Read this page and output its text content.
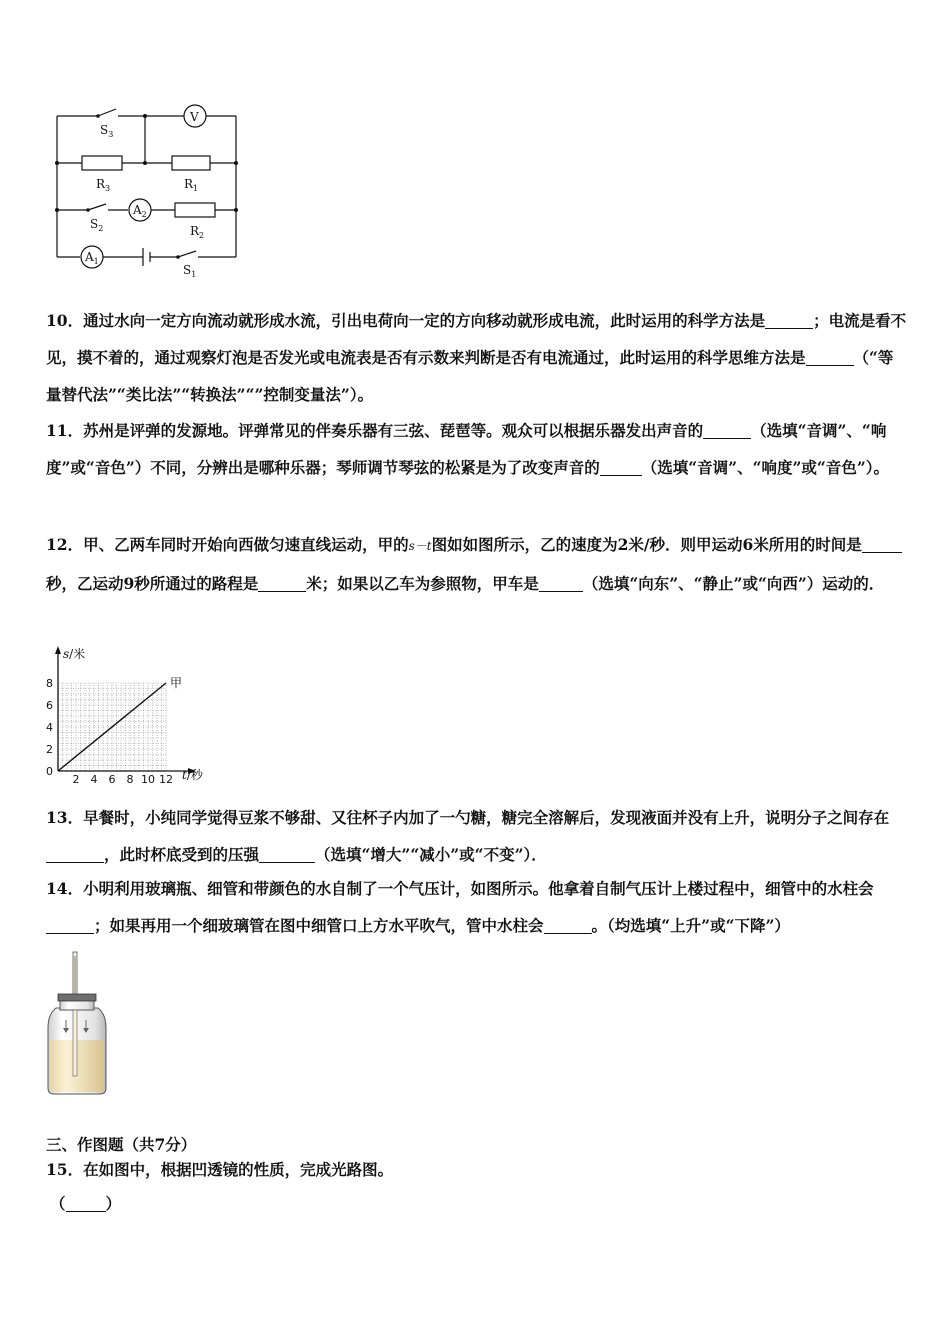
$S_3$
V
$R_3$	$R_1$
$S_2$
$A_2$
$R_2$
$A_1$
$S_1$

10．通过水向一定方向流动就形成水流，引出电荷向一定的方向移动就形成电流，此时运用的科学方法是	；电流是看不见，摸不着的，通过观察灯泡是否发光或电流表是否有示数来判断是否有电流通过，此时运用的科学思维方法是	（“等量替代法”“类比法”“转换法”“”控制变量法”）。

11．苏州是评弹的发源地。评弹常见的伴奏乐器有三弦、琵琶等。观众可以根据乐器发出声音的	（选填“音调”、“响度”或“音色”）不同，分辨出是哪种乐器；琴师调节琴弦的松紧是为了改变声音的	（选填“音调”、“响度”或“音色”）。

12．甲、乙两车同时开始向西做匀速直线运动，甲的s－t图如如图所示，乙的速度为2米/秒．则甲运动6米所用的时间是秒，乙运动9秒所通过的路程是	米；如果以乙车为参照物，甲车是	（选填“向东”、“静止”或“向西”）运动的．

2 4 6 8 10 12
2
4
6
8
0
s/米
t/秒
甲

13．早餐时，小纯同学觉得豆浆不够甜、又往杯子内加了一勺糖，糖完全溶解后，发现液面并没有上升，说明分子之间存在，此时杯底受到的压强	（选填“增大”“减小”或“不变”）．

14．小明利用玻璃瓶、细管和带颜色的水自制了一个气压计，如图所示。他拿着自制气压计上楼过程中，细管中的水柱会；如果再用一个细玻璃管在图中细管口上方水平吹气，管中水柱会	。（均选填“上升”或“下降”）

三、作图题（共7分）
15．在如图中，根据凹透镜的性质，完成光路图。
（	）
